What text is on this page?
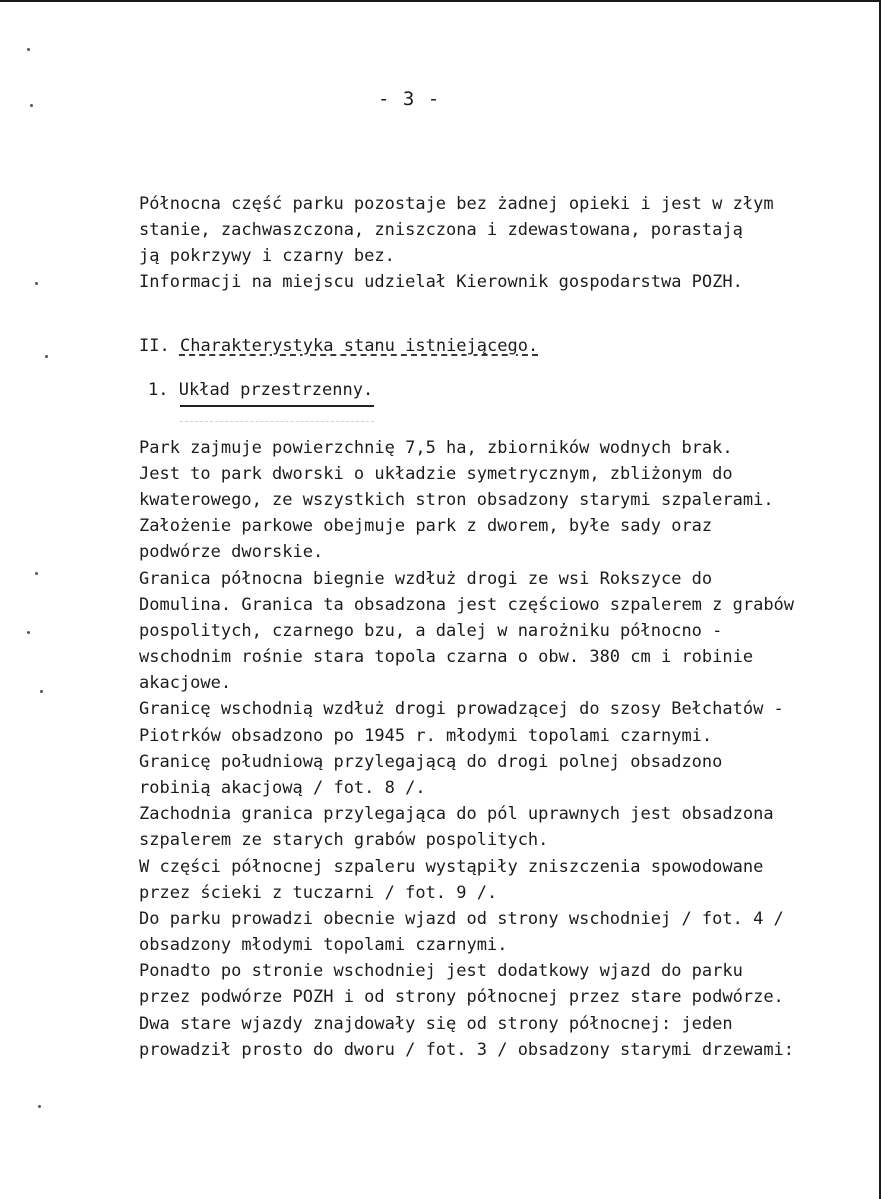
- 3 -
Północna część parku pozostaje bez żadnej opieki i jest w złym
stanie, zachwaszczona, zniszczona i zdewastowana, porastają
ją pokrzywy i czarny bez.
Informacji na miejscu udzielał Kierownik gospodarstwa POZH.
II. Charakterystyka stanu istniejącego.
1. Układ przestrzenny.
Park zajmuje powierzchnię 7,5 ha, zbiorników wodnych brak.
Jest to park dworski o układzie symetrycznym, zbliżonym do
kwaterowego, ze wszystkich stron obsadzony starymi szpalerami.
Założenie parkowe obejmuje park z dworem, byłe sady oraz
podwórze dworskie.
Granica północna biegnie wzdłuż drogi ze wsi Rokszyce do
Domulina. Granica ta obsadzona jest częściowo szpalerem z grabów
pospolitych, czarnego bzu, a dalej w narożniku północno -
wschodnim rośnie stara topola czarna o obw. 380 cm i robinie
akacjowe.
Granicę wschodnią wzdłuż drogi prowadzącej do szosy Bełchatów -
Piotrków obsadzono po 1945 r. młodymi topolami czarnymi.
Granicę południową przylegającą do drogi polnej obsadzono
robinią akacjową / fot. 8 /.
Zachodnia granica przylegająca do pól uprawnych jest obsadzona
szpalerem ze starych grabów pospolitych.
W części północnej szpaleru wystąpiły zniszczenia spowodowane
przez ścieki z tuczarni / fot. 9 /.
Do parku prowadzi obecnie wjazd od strony wschodniej / fot. 4 /
obsadzony młodymi topolami czarnymi.
Ponadto po stronie wschodniej jest dodatkowy wjazd do parku
przez podwórze POZH i od strony północnej przez stare podwórze.
Dwa stare wjazdy znajdowały się od strony północnej: jeden
prowadził prosto do dworu / fot. 3 / obsadzony starymi drzewami:
